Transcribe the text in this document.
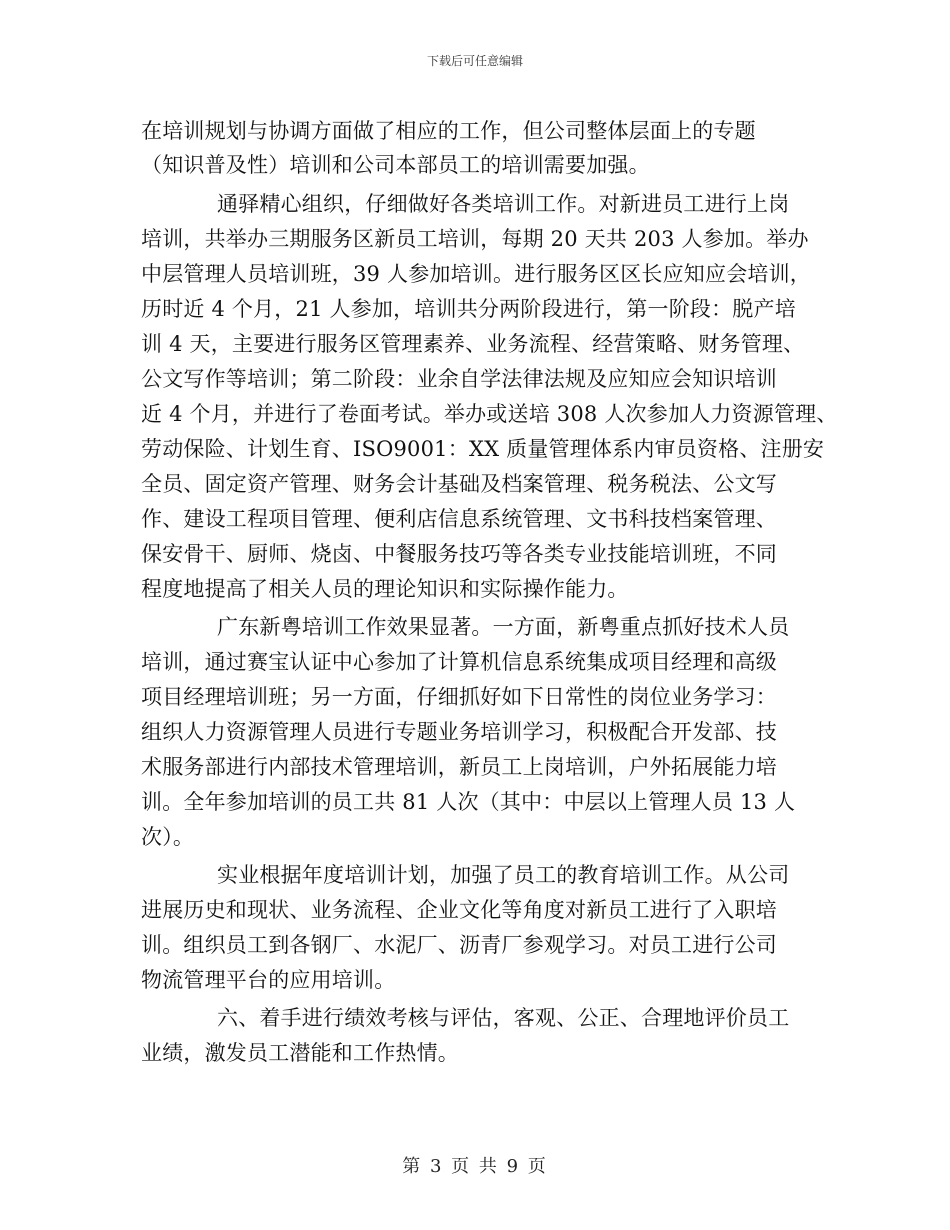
下载后可任意编辑
在培训规划与协调方面做了相应的工作，但公司整体层面上的专题
（知识普及性）培训和公司本部员工的培训需要加强。
通驿精心组织，仔细做好各类培训工作。对新进员工进行上岗
培训，共举办三期服务区新员工培训，每期 20 天共 203 人参加。举办
中层管理人员培训班，39 人参加培训。进行服务区区长应知应会培训，
历时近 4 个月，21 人参加，培训共分两阶段进行，第一阶段：脱产培
训 4 天，主要进行服务区管理素养、业务流程、经营策略、财务管理、
公文写作等培训；第二阶段：业余自学法律法规及应知应会知识培训
近 4 个月，并进行了卷面考试。举办或送培 308 人次参加人力资源管理、
劳动保险、计划生育、ISO9001：XX 质量管理体系内审员资格、注册安
全员、固定资产管理、财务会计基础及档案管理、税务税法、公文写
作、建设工程项目管理、便利店信息系统管理、文书科技档案管理、
保安骨干、厨师、烧卤、中餐服务技巧等各类专业技能培训班，不同
程度地提高了相关人员的理论知识和实际操作能力。
广东新粤培训工作效果显著。一方面，新粤重点抓好技术人员
培训，通过赛宝认证中心参加了计算机信息系统集成项目经理和高级
项目经理培训班；另一方面，仔细抓好如下日常性的岗位业务学习：
组织人力资源管理人员进行专题业务培训学习，积极配合开发部、技
术服务部进行内部技术管理培训，新员工上岗培训，户外拓展能力培
训。全年参加培训的员工共 81 人次（其中：中层以上管理人员 13 人
次）。
实业根据年度培训计划，加强了员工的教育培训工作。从公司
进展历史和现状、业务流程、企业文化等角度对新员工进行了入职培
训。组织员工到各钢厂、水泥厂、沥青厂参观学习。对员工进行公司
物流管理平台的应用培训。
六、着手进行绩效考核与评估，客观、公正、合理地评价员工
业绩，激发员工潜能和工作热情。
第 3 页 共 9 页
